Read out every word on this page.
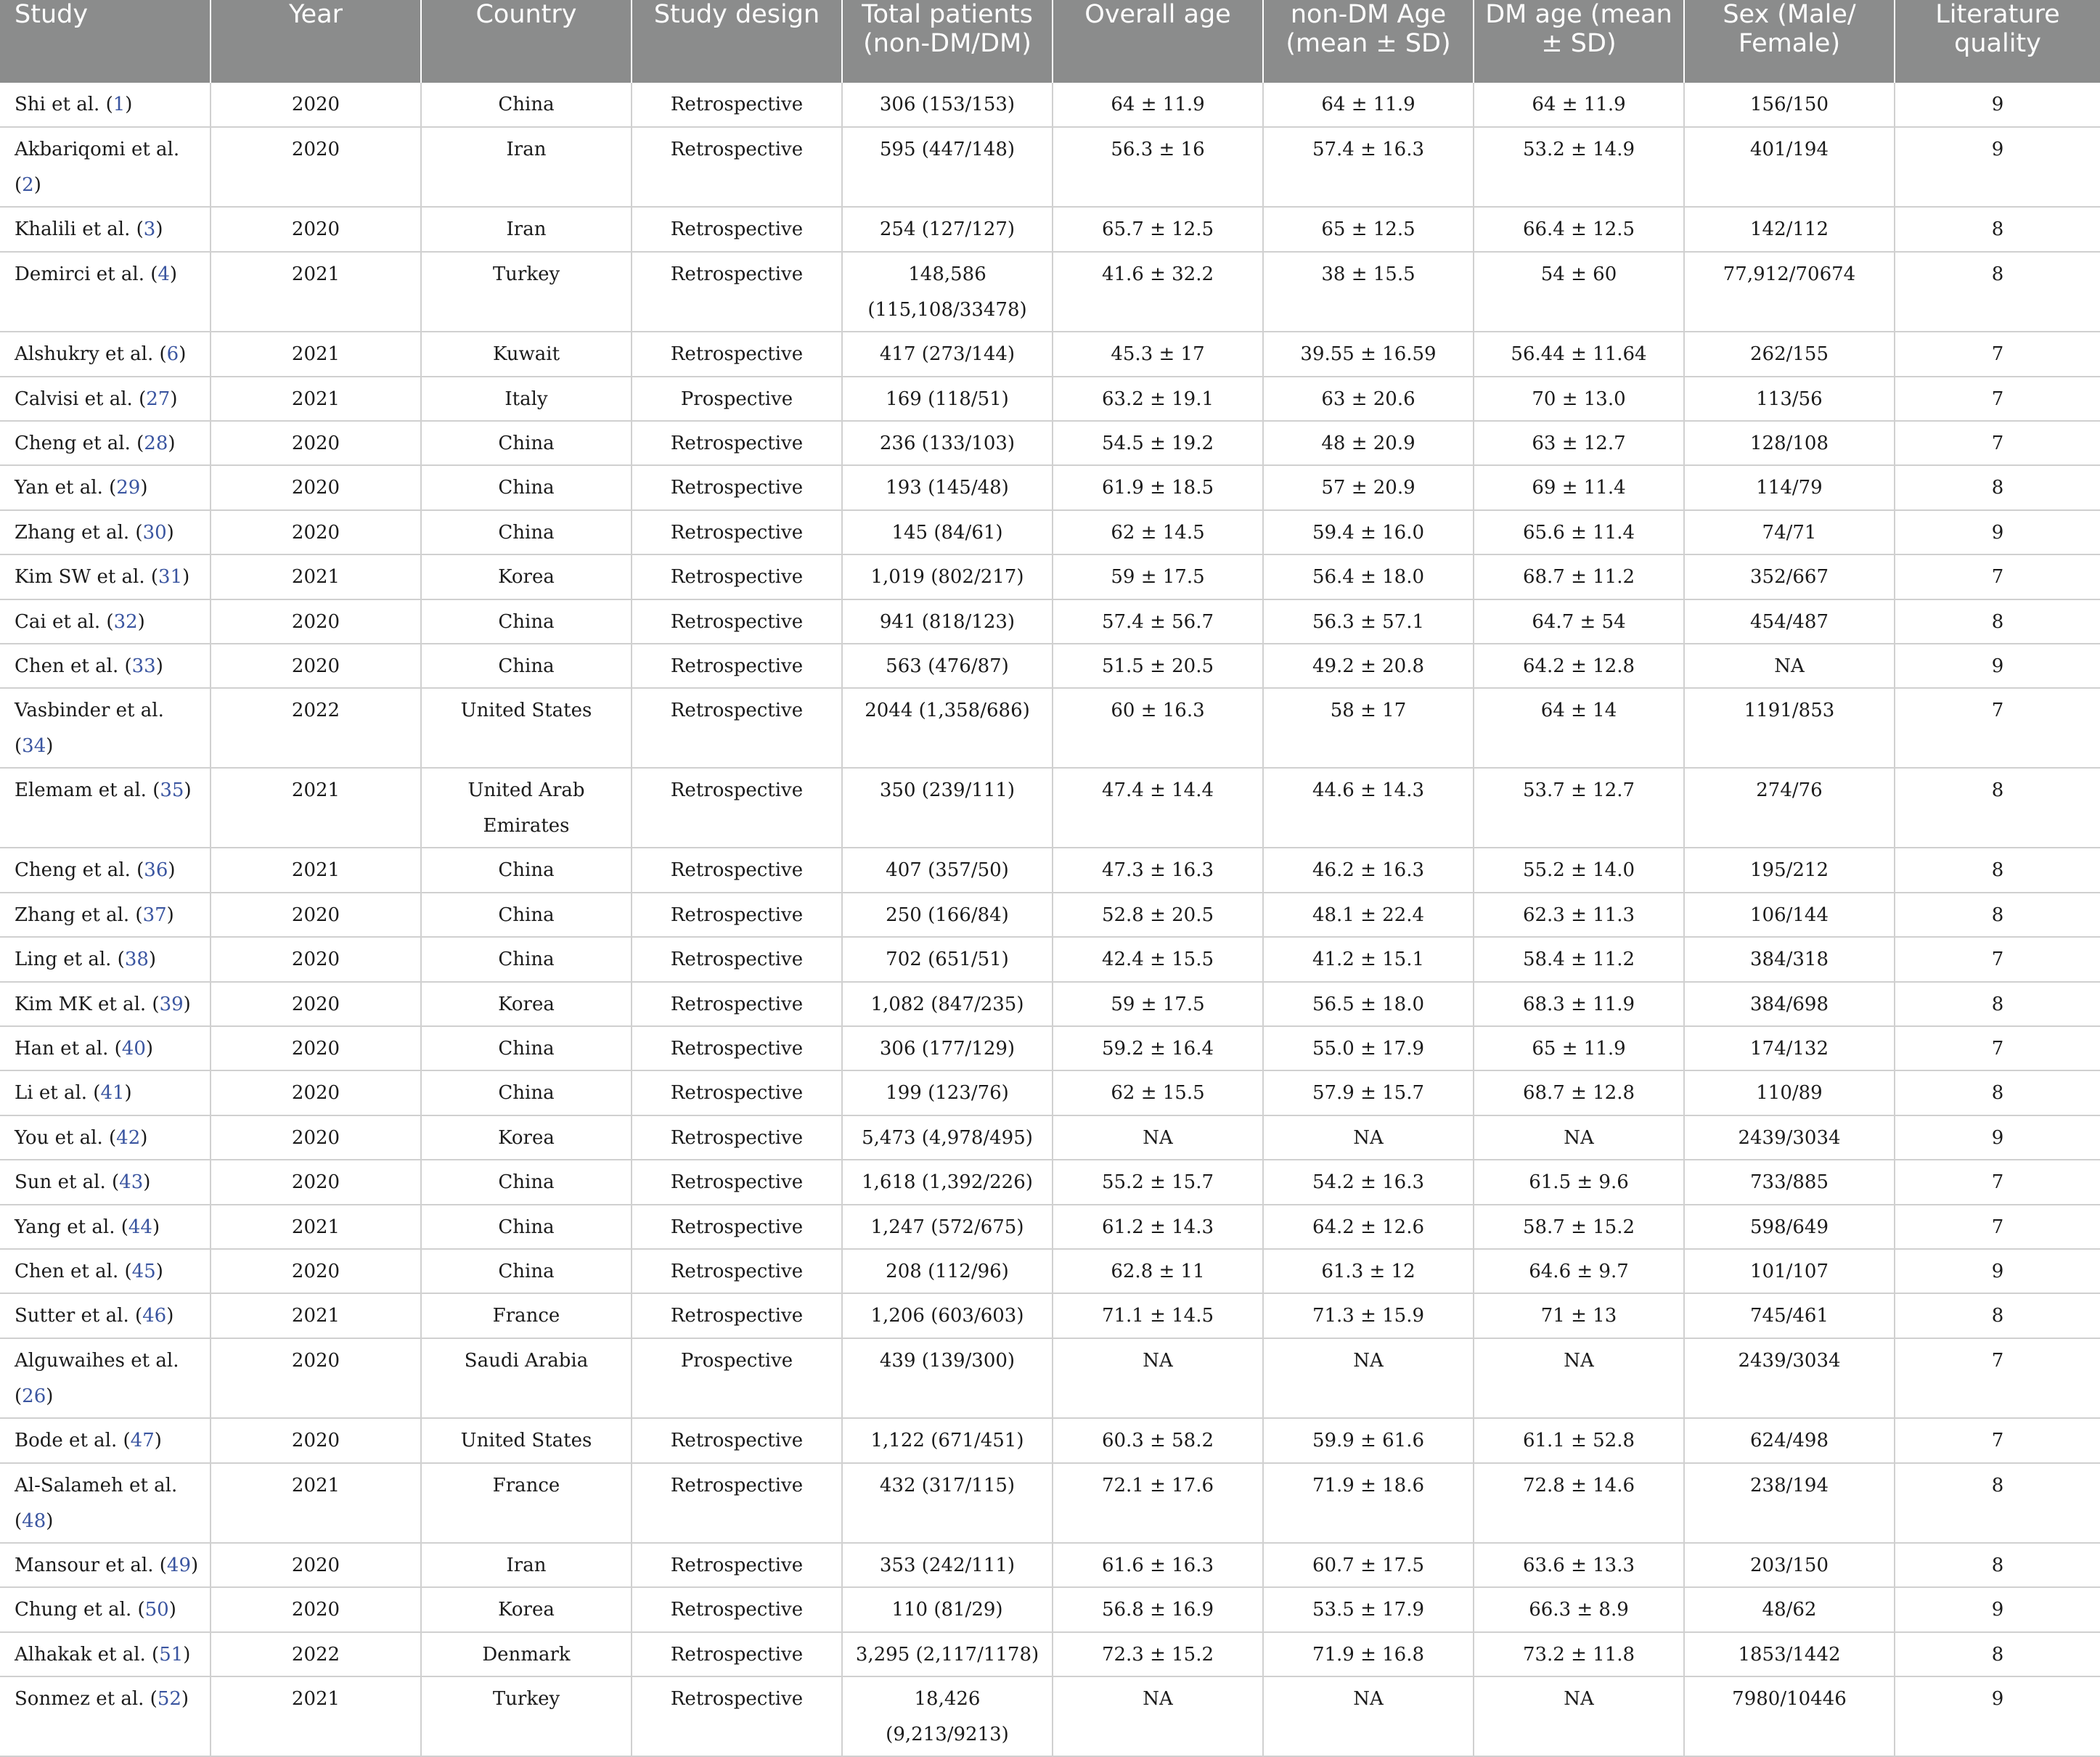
Study	Year	Country	Study design	Total patients (non-DM/DM)	Overall age	non-DM Age (mean ± SD)	DM age (mean ± SD)	Sex (Male/ Female)	Literature quality
Shi et al. (1)	2020	China	Retrospective	306 (153/153)	64 ± 11.9	64 ± 11.9	64 ± 11.9	156/150	9
Akbariqomi et al. (2)	2020	Iran	Retrospective	595 (447/148)	56.3 ± 16	57.4 ± 16.3	53.2 ± 14.9	401/194	9
Khalili et al. (3)	2020	Iran	Retrospective	254 (127/127)	65.7 ± 12.5	65 ± 12.5	66.4 ± 12.5	142/112	8
Demirci et al. (4)	2021	Turkey	Retrospective	148,586 (115,108/33478)	41.6 ± 32.2	38 ± 15.5	54 ± 60	77,912/70674	8
Alshukry et al. (6)	2021	Kuwait	Retrospective	417 (273/144)	45.3 ± 17	39.55 ± 16.59	56.44 ± 11.64	262/155	7
Calvisi et al. (27)	2021	Italy	Prospective	169 (118/51)	63.2 ± 19.1	63 ± 20.6	70 ± 13.0	113/56	7
Cheng et al. (28)	2020	China	Retrospective	236 (133/103)	54.5 ± 19.2	48 ± 20.9	63 ± 12.7	128/108	7
Yan et al. (29)	2020	China	Retrospective	193 (145/48)	61.9 ± 18.5	57 ± 20.9	69 ± 11.4	114/79	8
Zhang et al. (30)	2020	China	Retrospective	145 (84/61)	62 ± 14.5	59.4 ± 16.0	65.6 ± 11.4	74/71	9
Kim SW et al. (31)	2021	Korea	Retrospective	1,019 (802/217)	59 ± 17.5	56.4 ± 18.0	68.7 ± 11.2	352/667	7
Cai et al. (32)	2020	China	Retrospective	941 (818/123)	57.4 ± 56.7	56.3 ± 57.1	64.7 ± 54	454/487	8
Chen et al. (33)	2020	China	Retrospective	563 (476/87)	51.5 ± 20.5	49.2 ± 20.8	64.2 ± 12.8	NA	9
Vasbinder et al. (34)	2022	United States	Retrospective	2044 (1,358/686)	60 ± 16.3	58 ± 17	64 ± 14	1191/853	7
Elemam et al. (35)	2021	United Arab Emirates	Retrospective	350 (239/111)	47.4 ± 14.4	44.6 ± 14.3	53.7 ± 12.7	274/76	8
Cheng et al. (36)	2021	China	Retrospective	407 (357/50)	47.3 ± 16.3	46.2 ± 16.3	55.2 ± 14.0	195/212	8
Zhang et al. (37)	2020	China	Retrospective	250 (166/84)	52.8 ± 20.5	48.1 ± 22.4	62.3 ± 11.3	106/144	8
Ling et al. (38)	2020	China	Retrospective	702 (651/51)	42.4 ± 15.5	41.2 ± 15.1	58.4 ± 11.2	384/318	7
Kim MK et al. (39)	2020	Korea	Retrospective	1,082 (847/235)	59 ± 17.5	56.5 ± 18.0	68.3 ± 11.9	384/698	8
Han et al. (40)	2020	China	Retrospective	306 (177/129)	59.2 ± 16.4	55.0 ± 17.9	65 ± 11.9	174/132	7
Li et al. (41)	2020	China	Retrospective	199 (123/76)	62 ± 15.5	57.9 ± 15.7	68.7 ± 12.8	110/89	8
You et al. (42)	2020	Korea	Retrospective	5,473 (4,978/495)	NA	NA	NA	2439/3034	9
Sun et al. (43)	2020	China	Retrospective	1,618 (1,392/226)	55.2 ± 15.7	54.2 ± 16.3	61.5 ± 9.6	733/885	7
Yang et al. (44)	2021	China	Retrospective	1,247 (572/675)	61.2 ± 14.3	64.2 ± 12.6	58.7 ± 15.2	598/649	7
Chen et al. (45)	2020	China	Retrospective	208 (112/96)	62.8 ± 11	61.3 ± 12	64.6 ± 9.7	101/107	9
Sutter et al. (46)	2021	France	Retrospective	1,206 (603/603)	71.1 ± 14.5	71.3 ± 15.9	71 ± 13	745/461	8
Alguwaihes et al. (26)	2020	Saudi Arabia	Prospective	439 (139/300)	NA	NA	NA	2439/3034	7
Bode et al. (47)	2020	United States	Retrospective	1,122 (671/451)	60.3 ± 58.2	59.9 ± 61.6	61.1 ± 52.8	624/498	7
Al-Salameh et al. (48)	2021	France	Retrospective	432 (317/115)	72.1 ± 17.6	71.9 ± 18.6	72.8 ± 14.6	238/194	8
Mansour et al. (49)	2020	Iran	Retrospective	353 (242/111)	61.6 ± 16.3	60.7 ± 17.5	63.6 ± 13.3	203/150	8
Chung et al. (50)	2020	Korea	Retrospective	110 (81/29)	56.8 ± 16.9	53.5 ± 17.9	66.3 ± 8.9	48/62	9
Alhakak et al. (51)	2022	Denmark	Retrospective	3,295 (2,117/1178)	72.3 ± 15.2	71.9 ± 16.8	73.2 ± 11.8	1853/1442	8
Sonmez et al. (52)	2021	Turkey	Retrospective	18,426 (9,213/9213)	NA	NA	NA	7980/10446	9
